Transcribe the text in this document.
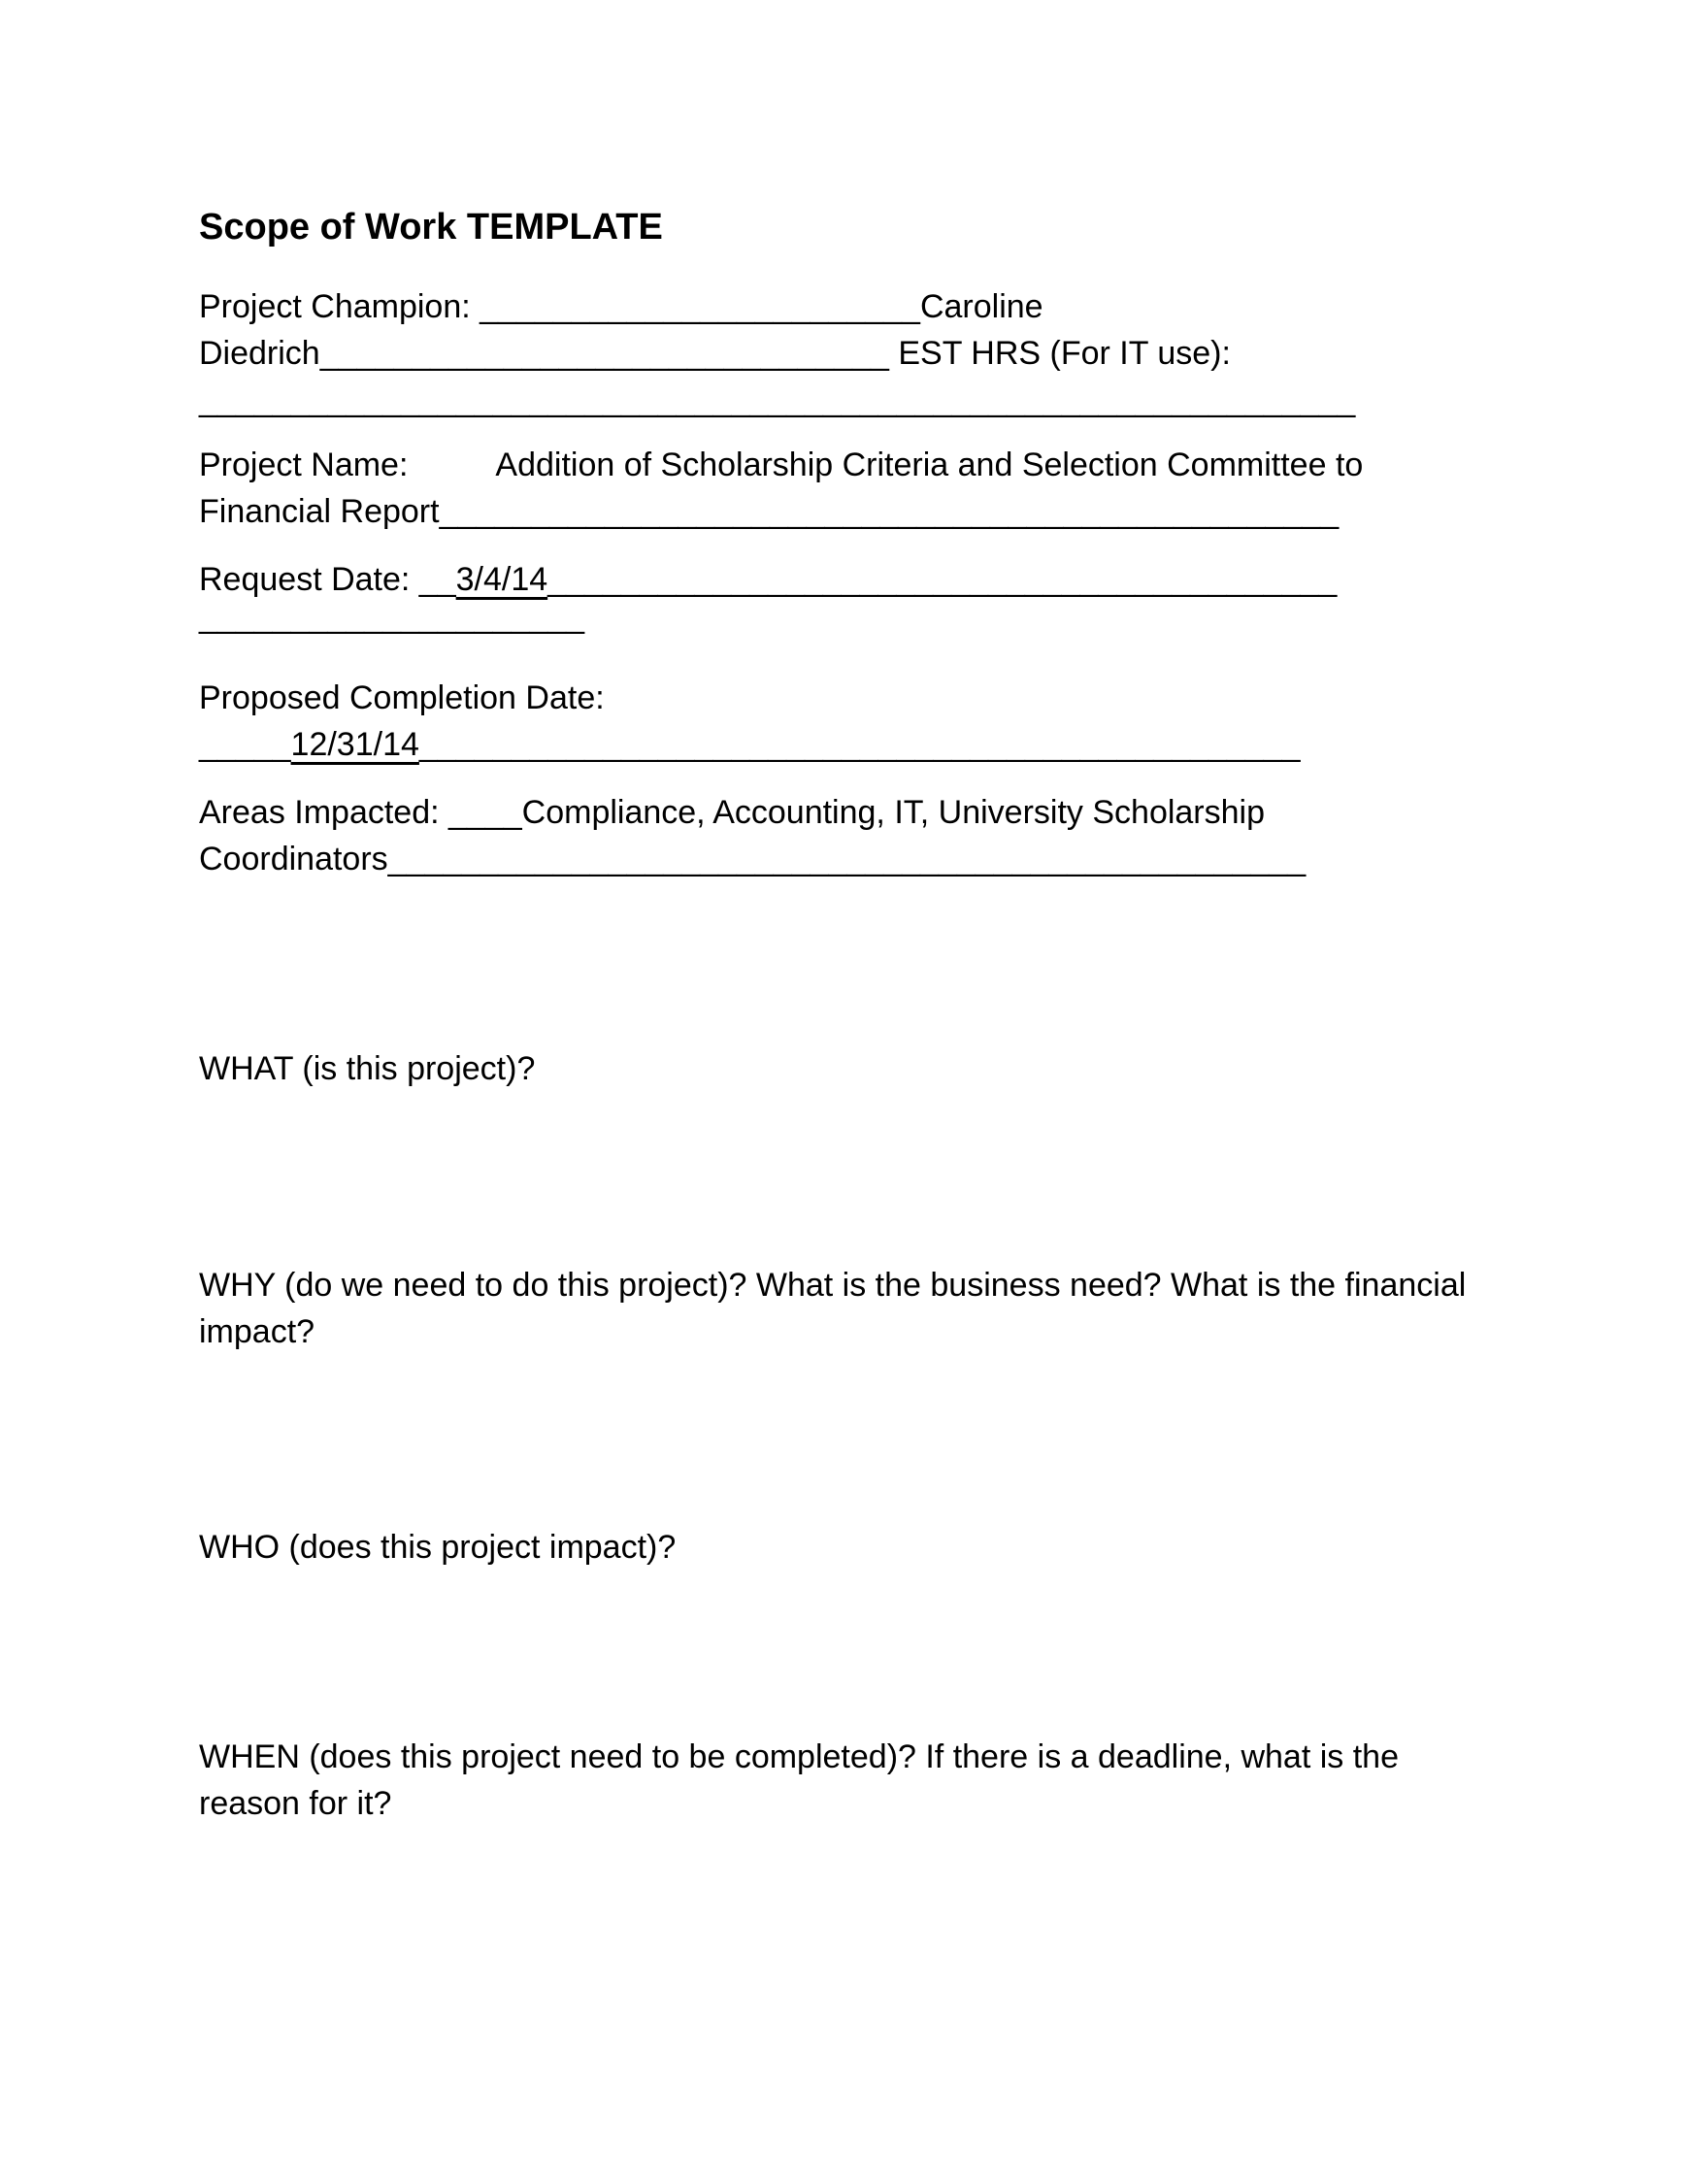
Scope of Work TEMPLATE
Project Champion: ________________________Caroline
Diedrich_______________________________ EST HRS (For IT use):
_______________________________________________________________
Project Name:	Addition of Scholarship Criteria and Selection Committee to
Financial Report_________________________________________________
Request Date: __3/4/14___________________________________________
_____________________
Proposed Completion Date:
_____12/31/14________________________________________________
Areas Impacted: ____Compliance, Accounting, IT, University Scholarship
Coordinators__________________________________________________
WHAT (is this project)?
WHY (do we need to do this project)? What is the business need? What is the financial
impact?
WHO (does this project impact)?
WHEN (does this project need to be completed)? If there is a deadline, what is the
reason for it?
